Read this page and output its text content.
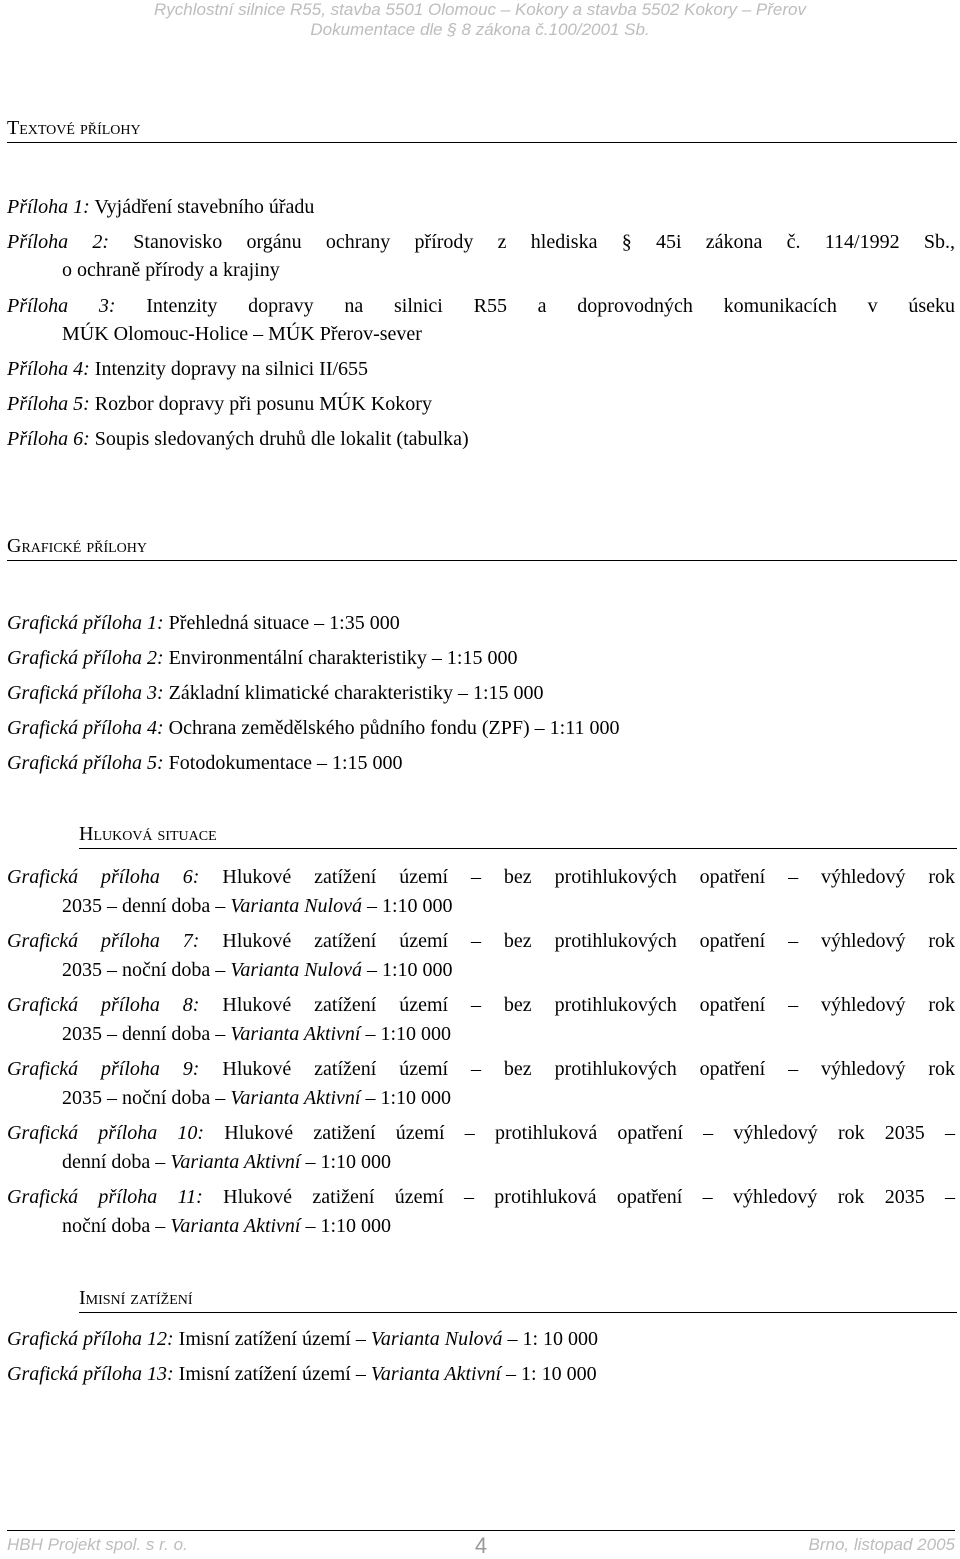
Rychlostní silnice R55, stavba 5501 Olomouc – Kokory a stavba 5502 Kokory – Přerov
Dokumentace dle § 8 zákona č.100/2001 Sb.
Textové přílohy
Příloha 1: Vyjádření stavebního úřadu
Příloha 2: Stanovisko orgánu ochrany přírody z hlediska § 45i zákona č. 114/1992 Sb.,
o ochraně přírody a krajiny
Příloha 3: Intenzity dopravy na silnici R55 a doprovodných komunikacích v úseku
MÚK Olomouc-Holice – MÚK Přerov-sever
Příloha 4: Intenzity dopravy na silnici II/655
Příloha 5: Rozbor dopravy při posunu MÚK Kokory
Příloha 6: Soupis sledovaných druhů dle lokalit (tabulka)
Grafické přílohy
Grafická příloha 1: Přehledná situace – 1:35 000
Grafická příloha 2: Environmentální charakteristiky – 1:15 000
Grafická příloha 3: Základní klimatické charakteristiky – 1:15 000
Grafická příloha 4: Ochrana zemědělského půdního fondu (ZPF) – 1:11 000
Grafická příloha 5: Fotodokumentace – 1:15 000
Hluková situace
Grafická příloha 6: Hlukové zatížení území – bez protihlukových opatření – výhledový rok
2035 – denní doba – Varianta Nulová – 1:10 000
Grafická příloha 7: Hlukové zatížení území – bez protihlukových opatření – výhledový rok
2035 – noční doba – Varianta Nulová – 1:10 000
Grafická příloha 8: Hlukové zatížení území – bez protihlukových opatření – výhledový rok
2035 – denní doba – Varianta Aktivní – 1:10 000
Grafická příloha 9: Hlukové zatížení území – bez protihlukových opatření – výhledový rok
2035 – noční doba – Varianta Aktivní – 1:10 000
Grafická příloha 10: Hlukové zatižení území – protihluková opatření – výhledový rok 2035 –
denní doba – Varianta Aktivní – 1:10 000
Grafická příloha 11: Hlukové zatižení území – protihluková opatření – výhledový rok 2035 –
noční doba – Varianta Aktivní – 1:10 000
Imisní zatížení
Grafická příloha 12: Imisní zatížení území – Varianta Nulová – 1: 10 000
Grafická příloha 13: Imisní zatížení území – Varianta Aktivní – 1: 10 000
HBH Projekt spol. s r. o.	4	Brno, listopad 2005
